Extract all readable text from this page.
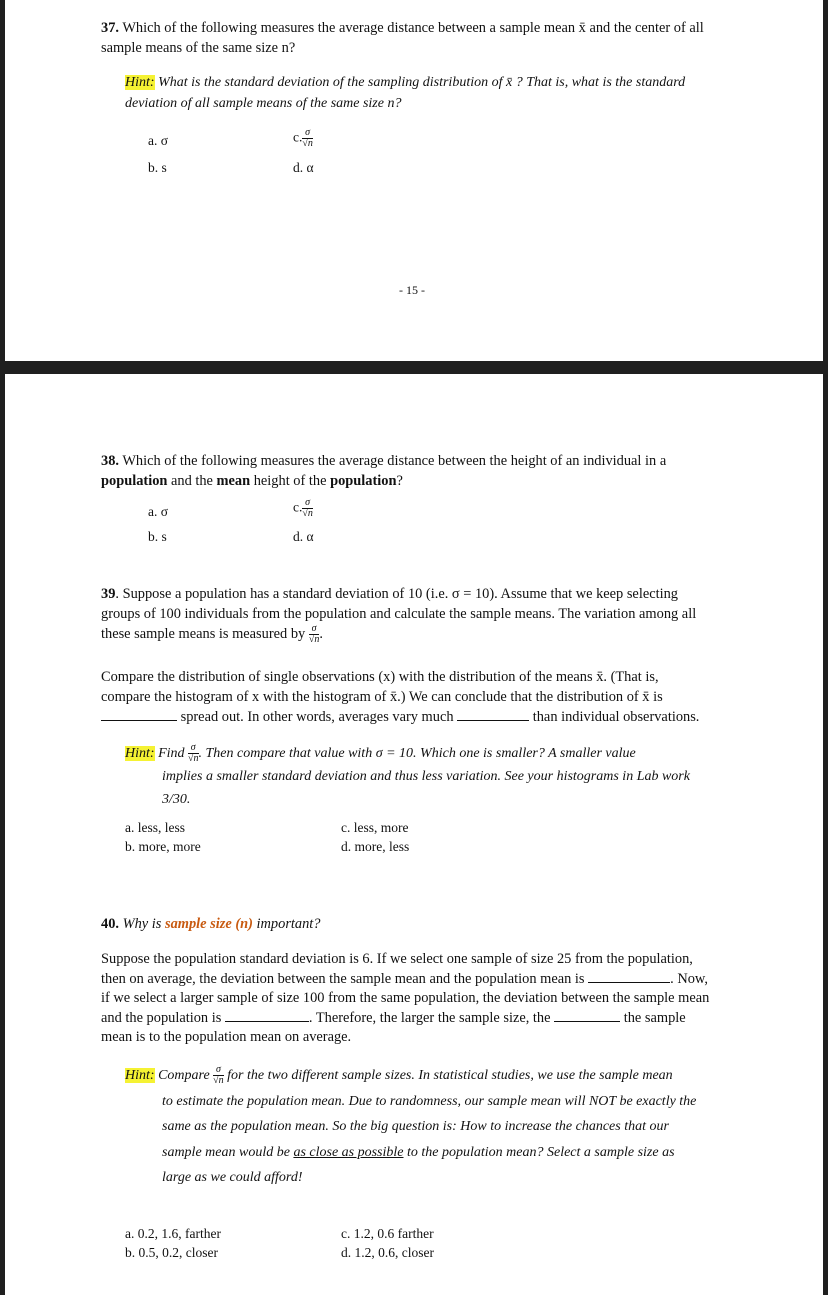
37. Which of the following measures the average distance between a sample mean x̄ and the center of all
sample means of the same size n?
Hint: What is the standard deviation of the sampling distribution of x̄ ? That is, what is the standard
deviation of all sample means of the same size n?
a. σ
b. s
c. $\frac{\sigma}{√n}$
d. α
- 15 -
38. Which of the following measures the average distance between the height of an individual in a
population and the mean height of the population?
a. σ
b. s
c. $\frac{\sigma}{√n}$
d. α
39. Suppose a population has a standard deviation of 10 (i.e. σ = 10). Assume that we keep selecting
groups of 100 individuals from the population and calculate the sample means. The variation among all
these sample means is measured by $\frac{\sigma}{√n}$ .
Compare the distribution of single observations (x) with the distribution of the means x̄. (That is,
compare the histogram of x with the histogram of x̄.) We can conclude that the distribution of x̄ is
spread out. In other words, averages vary much	than individual observations.
Hint: Find $\frac{\sigma}{√n}$ . Then compare that value with σ = 10. Which one is smaller? A smaller value
implies a smaller standard deviation and thus less variation. See your histograms in Lab work
3/30.
a. less, less
b. more, more
c. less, more
d. more, less
40. Why is sample size (n) important?
Suppose the population standard deviation is 6. If we select one sample of size 25 from the population,
then on average, the deviation between the sample mean and the population mean is	. Now,
if we select a larger sample of size 100 from the same population, the deviation between the sample mean
and the population is	. Therefore, the larger the sample size, the	the sample
mean is to the population mean on average.
Hint: Compare $\frac{\sigma}{√n}$ for the two different sample sizes. In statistical studies, we use the sample mean
to estimate the population mean. Due to randomness, our sample mean will NOT be exactly the
same as the population mean. So the big question is: How to increase the chances that our
sample mean would be as close as possible to the population mean? Select a sample size as
large as we could afford!
a. 0.2, 1.6, farther
b. 0.5, 0.2, closer
c. 1.2, 0.6 farther
d. 1.2, 0.6, closer
